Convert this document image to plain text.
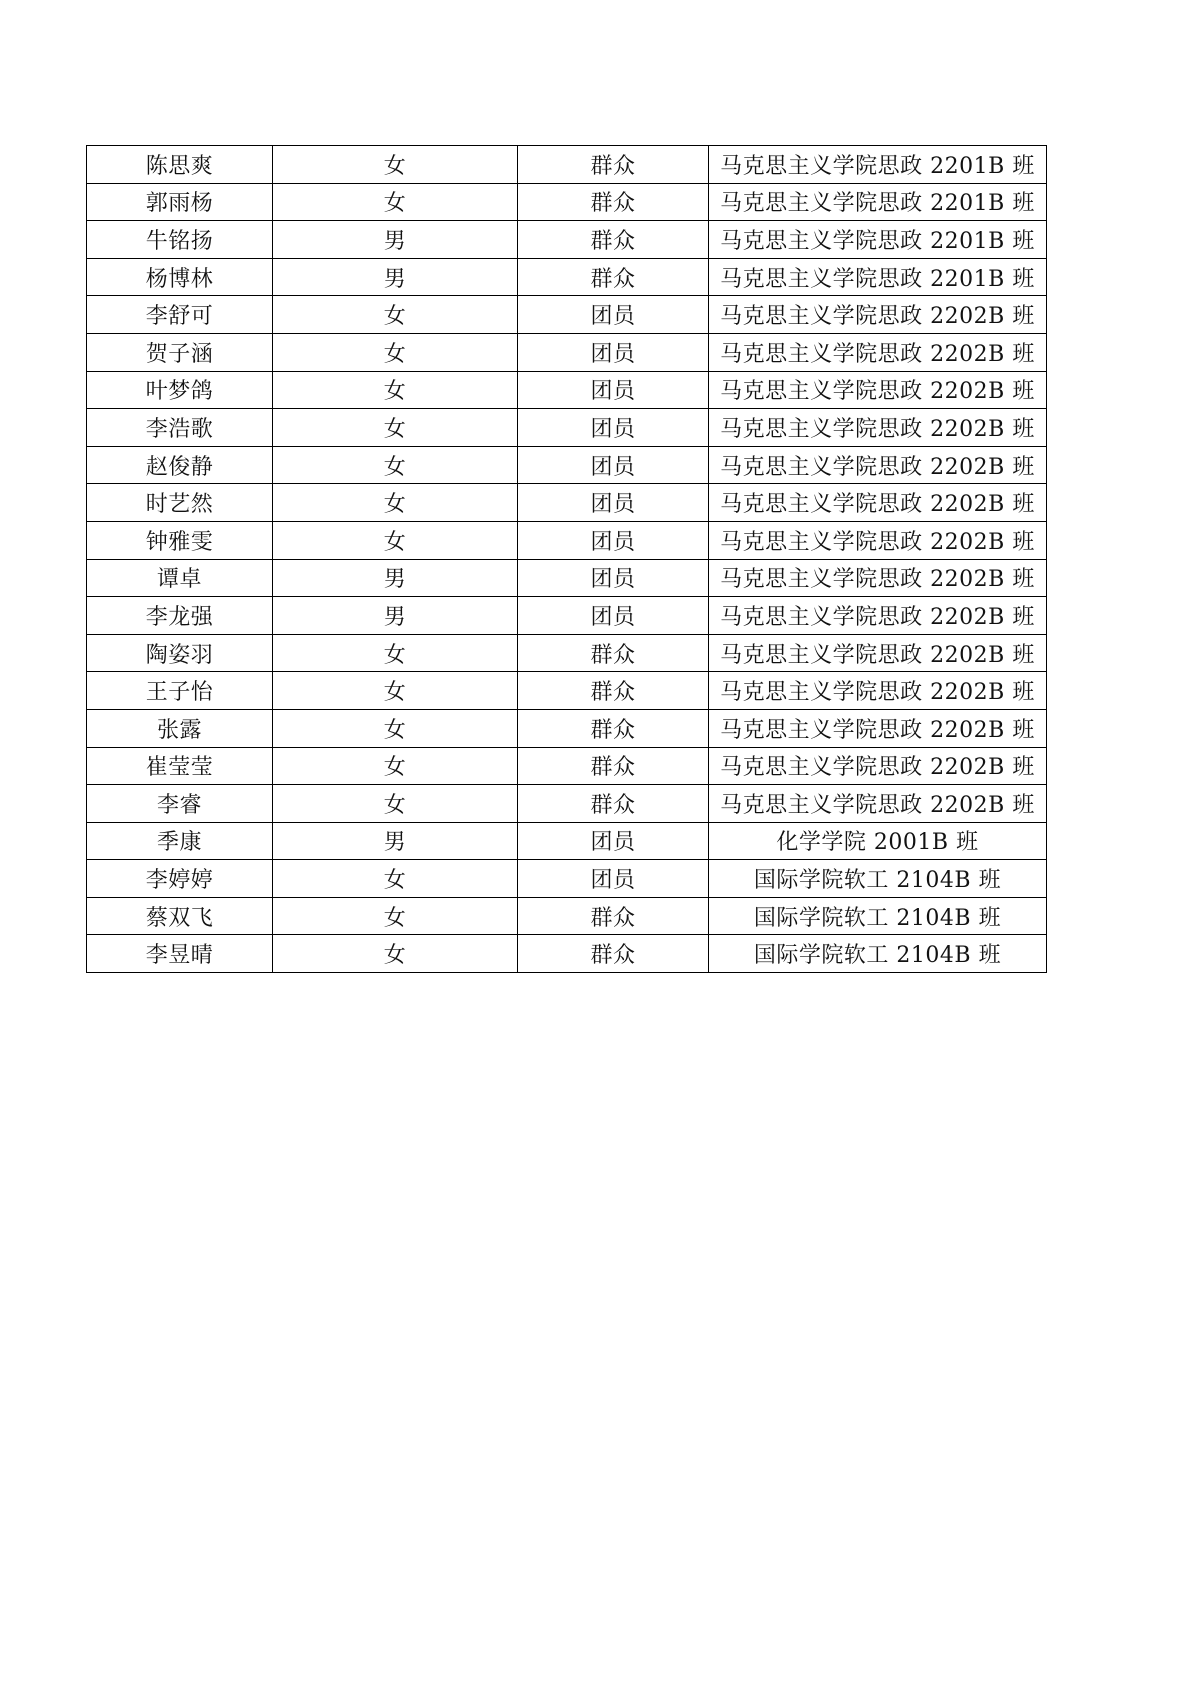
陈思爽	女	群众	马克思主义学院思政 2201B 班
郭雨杨	女	群众	马克思主义学院思政 2201B 班
牛铭扬	男	群众	马克思主义学院思政 2201B 班
杨博林	男	群众	马克思主义学院思政 2201B 班
李舒可	女	团员	马克思主义学院思政 2202B 班
贺子涵	女	团员	马克思主义学院思政 2202B 班
叶梦鸽	女	团员	马克思主义学院思政 2202B 班
李浩歌	女	团员	马克思主义学院思政 2202B 班
赵俊静	女	团员	马克思主义学院思政 2202B 班
时艺然	女	团员	马克思主义学院思政 2202B 班
钟雅雯	女	团员	马克思主义学院思政 2202B 班
谭卓	男	团员	马克思主义学院思政 2202B 班
李龙强	男	团员	马克思主义学院思政 2202B 班
陶姿羽	女	群众	马克思主义学院思政 2202B 班
王子怡	女	群众	马克思主义学院思政 2202B 班
张露	女	群众	马克思主义学院思政 2202B 班
崔莹莹	女	群众	马克思主义学院思政 2202B 班
李睿	女	群众	马克思主义学院思政 2202B 班
季康	男	团员	化学学院 2001B 班
李婷婷	女	团员	国际学院软工 2104B 班
蔡双飞	女	群众	国际学院软工 2104B 班
李昱晴	女	群众	国际学院软工 2104B 班
